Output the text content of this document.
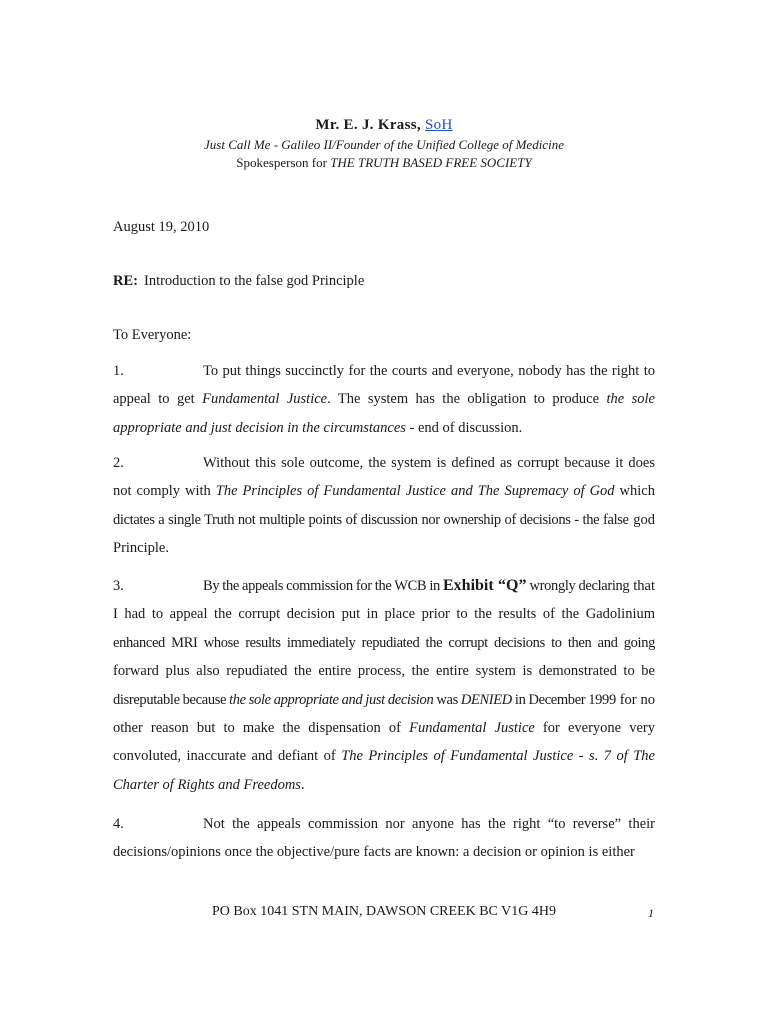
Mr. E. J. Krass, SoH
Just Call Me - Galileo II/Founder of the Unified College of Medicine
Spokesperson for THE TRUTH BASED FREE SOCIETY
August 19, 2010
RE: Introduction to the false god Principle
To Everyone:
1.	To put things succinctly for the courts and everyone, nobody has the right to appeal to get Fundamental Justice. The system has the obligation to produce the sole appropriate and just decision in the circumstances - end of discussion.
2.	Without this sole outcome, the system is defined as corrupt because it does not comply with The Principles of Fundamental Justice and The Supremacy of God which dictates a single Truth not multiple points of discussion nor ownership of decisions - the false god Principle.
3.	By the appeals commission for the WCB in Exhibit “Q” wrongly declaring that I had to appeal the corrupt decision put in place prior to the results of the Gadolinium enhanced MRI whose results immediately repudiated the corrupt decisions to then and going forward plus also repudiated the entire process, the entire system is demonstrated to be disreputable because the sole appropriate and just decision was DENIED in December 1999 for no other reason but to make the dispensation of Fundamental Justice for everyone very convoluted, inaccurate and defiant of The Principles of Fundamental Justice - s. 7 of The Charter of Rights and Freedoms.
4.	Not the appeals commission nor anyone has the right “to reverse” their decisions/opinions once the objective/pure facts are known: a decision or opinion is either
PO Box 1041 STN MAIN, DAWSON CREEK BC V1G 4H9	1
